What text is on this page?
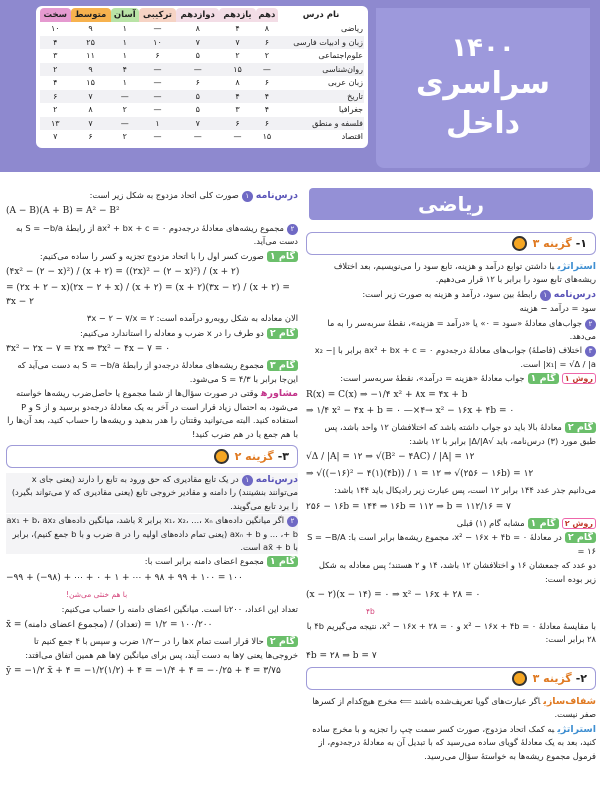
نام درس	دهم	یازدهم	دوازدهم	ترکیبی	آسان	متوسط	سخت
ریاضی	۸	۴	۸	—	۱	۹	۱۰
زبان و ادبیات فارسی	۶	۷	۷	۱۰	۱	۲۵	۴
علوم‌اجتماعی	۲	۲	۵	۶	۱	۱۱	۳
روان‌شناسی	—	۱۵	—	—	۴	۹	۲
زبان عربی	۶	۸	۶	—	۱	۱۵	۴
تاریخ	۴	۴	۵	—	—	۷	۶
جغرافیا	۴	۳	۵	—	۲	۸	۲
فلسفه و منطق	۶	۶	۷	۱	—	۷	۱۳
اقتصاد	۱۵	—	—	—	۲	۶	۷
۱۴۰۰
سراسری
داخل
ریاضی
۱-
گزینه ۳
استراتژیبا داشتن توابع درآمد و هزینه، تابع سود را می‌نویسیم، بعد اختلاف ریشه‌های تابع سود را برابر با ۱۲ قرار می‌دهیم.
درس‌نامه۱رابطهٔ بین سود، درآمد و هزینه به صورت زیر است:
سود = درآمد − هزینه
۲جواب‌های معادلهٔ «سود = ۰» یا «درآمد = هزینه»، نقطهٔ سربه‌سر را به ما می‌دهد.
۳اختلاف (فاصلهٔ) جواب‌های معادلهٔ درجه‌دوم ax² + bx + c = ۰ برابر با |x₂ − x₁| = √Δ / |a| است.
روش ۱گام ۱جواب معادلهٔ «هزینه = درآمد»، نقطهٔ سربه‌سر است:
R(x) = C(x) ⇒ −۱/۴ x² + ۸x = ۴x + b
⇒ ۱/۴ x² − ۴x + b = ۰ —×۴→ x² − ۱۶x + ۴b = ۰
گام ۲معادلهٔ بالا باید دو جواب داشته باشد که اختلافشان ۱۲ واحد باشد، پس طبق مورد (۳) درس‌نامه، باید √Δ/|A| برابر با ۱۲ باشد:
√Δ / |A| = ۱۲ ⇒ √(B² − ۴AC) / |A| = ۱۲
⇒ √((−۱۶)² − ۴(۱)(۴b)) / ۱ = ۱۲ ⇒ √(۲۵۶ − ۱۶b) = ۱۲
می‌دانیم جذر عدد ۱۴۴ برابر ۱۲ است، پس عبارت زیر رادیکال باید ۱۴۴ باشد:
۲۵۶ − ۱۶b = ۱۴۴ ⇒ ۱۶b = ۱۱۲ ⇒ b = ۱۱۲/۱۶ = ۷
روش ۲گام ۱مشابه گام (۱) قبلی
گام ۲در معادلهٔ x² − ۱۶x + ۴b = ۰، مجموع ریشه‌ها برابر است با: S = −B/A = ۱۶
دو عدد که جمعشان ۱۶ و اختلافشان ۱۲ باشد، ۱۴ و ۲ هستند؛ پس معادله به شکل زیر بوده است:
(x − ۲)(x − ۱۴) = ۰ ⇒ x² − ۱۶x + ۲۸ = ۰
۴b
با مقایسهٔ معادلهٔ x² − ۱۶x + ۴b = ۰ و x² − ۱۶x + ۲۸ = ۰، نتیجه می‌گیریم ۴b با ۲۸ برابر است:
۴b = ۲۸ ⇒ b = ۷
۲-
گزینه ۳
شفاف‌سازیاگر عبارت‌های گویا تعریف‌شده باشند ⟸ مخرج هیچ‌کدام از کسرها صفر نیست.
استراتژیبه کمک اتحاد مزدوج، صورت کسر سمت چپ را تجزیه و با مخرج ساده کنید، بعد به یک معادلهٔ گویای ساده می‌رسید که با تبدیل آن به معادلهٔ درجه‌دوم، از فرمول مجموع ریشه‌ها به خواستهٔ سؤال می‌رسید.
درس‌نامه۱صورت کلی اتحاد مزدوج به شکل زیر است:
(A − B)(A + B) = A² − B²
۲مجموع ریشه‌های معادلهٔ درجه‌دوم ax² + bx + c = ۰ از رابطهٔ S = −b/a به دست می‌آید.
گام ۱صورت کسر اول را با اتحاد مزدوج تجزیه و کسر را ساده می‌کنیم:
(۴x² − (۲ − x)²) / (x + ۲) = ((۲x)² − (۲ − x)²) / (x + ۲)
= (۲x + ۲ − x)(۲x − ۲ + x) / (x + ۲) = (x + ۲)(۳x − ۲) / (x + ۲) = ۳x − ۲
الان معادله به شکل روبه‌رو درآمده است: ۳x − ۲ − ۷/x = ۲
گام ۲دو طرف را در x ضرب و معادله را استاندارد می‌کنیم:
۳x² − ۲x − ۷ = ۲x ⇒ ۳x² − ۴x − ۷ = ۰
گام ۳مجموع ریشه‌های معادلهٔ درجه‌دو از رابطهٔ S = −b/a به دست می‌آید که این‌جا برابر با S = ۴/۳ می‌شود.
مشاورهوقتی در صورت سؤال‌ها از شما مجموع یا حاصل‌ضرب ریشه‌ها خواسته می‌شود، به احتمال زیاد قرار است در آخر به یک معادلهٔ درجه‌دو برسید و از S و P استفاده کنید. البته می‌توانید وقتتان را هدر بدهید و ریشه‌ها را حساب کنید، بعد آن‌ها را با هم جمع یا در هم ضرب کنید!
۳-
گزینه ۲
درس‌نامه۱در یک تابع مقادیری که حق ورود به تابع را دارند (یعنی جای x می‌توانند بنشینند) را دامنه و مقادیر خروجی تابع (یعنی مقادیری که y می‌تواند بگیرد) را برد تابع می‌گویند.
۲اگر میانگین داده‌های x₁، x₂، ...، xₙ برابر x̄ باشد، میانگین داده‌های ax₁ + b، ax₂ + b، ... و axₙ + b (یعنی تمام داده‌های اولیه را در a ضرب و با b جمع کنیم)، برابر با ax̄ + b است.
گام ۱مجموع اعضای دامنه برابر است با:
−۹۹ + (−۹۸) + ⋯ + ۰ + ۱ + ⋯ + ۹۸ + ۹۹ + ۱۰۰ = ۱۰۰
با هم خنثی می‌شن!
تعداد این اعداد، ۲۰۰تا است. میانگین اعضای دامنه را حساب می‌کنیم:
x̄ = (مجموع اعضای دامنه) / (تعداد) = ۱۰۰/۲۰۰ = ۱/۲
گام ۲حالا قرار است تمام xها را در −۱/۲ ضرب و سپس با ۴ جمع کنیم تا خروجی‌ها یعنی yها به دست آیند، پس برای میانگین yها هم همین اتفاق می‌افتد:
ȳ = −۱/۲ x̄ + ۴ = −۱/۲(۱/۲) + ۴ = −۱/۴ + ۴ = −۰/۲۵ + ۴ = ۳/۷۵
